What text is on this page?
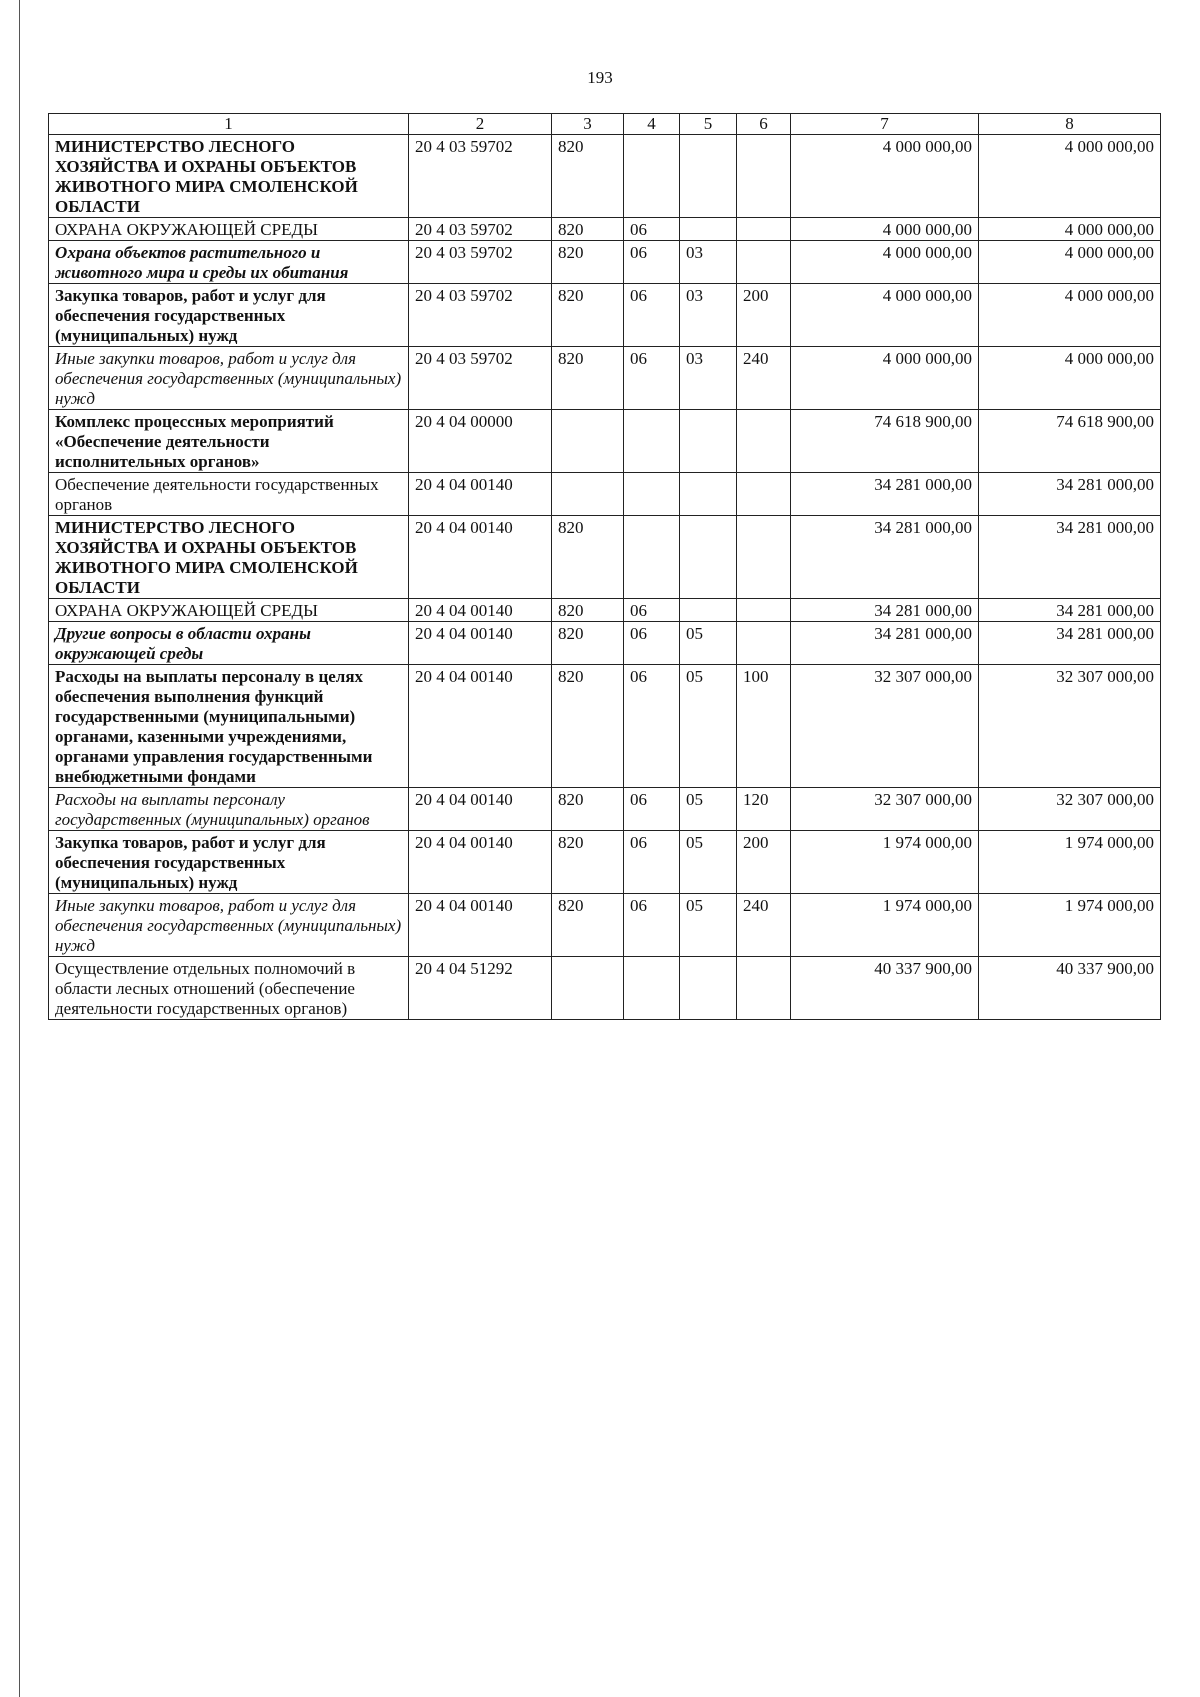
193
1	2	3	4	5	6	7	8
МИНИСТЕРСТВО ЛЕСНОГО ХОЗЯЙСТВА И ОХРАНЫ ОБЪЕКТОВ ЖИВОТНОГО МИРА СМОЛЕНСКОЙ ОБЛАСТИ	20 4 03 59702	820				4 000 000,00	4 000 000,00
ОХРАНА ОКРУЖАЮЩЕЙ СРЕДЫ	20 4 03 59702	820	06			4 000 000,00	4 000 000,00
Охрана объектов растительного и животного мира и среды их обитания	20 4 03 59702	820	06	03		4 000 000,00	4 000 000,00
Закупка товаров, работ и услуг для обеспечения государственных (муниципальных) нужд	20 4 03 59702	820	06	03	200	4 000 000,00	4 000 000,00
Иные закупки товаров, работ и услуг для обеспечения государственных (муниципальных) нужд	20 4 03 59702	820	06	03	240	4 000 000,00	4 000 000,00
Комплекс процессных мероприятий «Обеспечение деятельности исполнительных органов»	20 4 04 00000					74 618 900,00	74 618 900,00
Обеспечение деятельности государственных органов	20 4 04 00140					34 281 000,00	34 281 000,00
МИНИСТЕРСТВО ЛЕСНОГО ХОЗЯЙСТВА И ОХРАНЫ ОБЪЕКТОВ ЖИВОТНОГО МИРА СМОЛЕНСКОЙ ОБЛАСТИ	20 4 04 00140	820				34 281 000,00	34 281 000,00
ОХРАНА ОКРУЖАЮЩЕЙ СРЕДЫ	20 4 04 00140	820	06			34 281 000,00	34 281 000,00
Другие вопросы в области охраны окружающей среды	20 4 04 00140	820	06	05		34 281 000,00	34 281 000,00
Расходы на выплаты персоналу в целях обеспечения выполнения функций государственными (муниципальными) органами, казенными учреждениями, органами управления государственными внебюджетными фондами	20 4 04 00140	820	06	05	100	32 307 000,00	32 307 000,00
Расходы на выплаты персоналу государственных (муниципальных) органов	20 4 04 00140	820	06	05	120	32 307 000,00	32 307 000,00
Закупка товаров, работ и услуг для обеспечения государственных (муниципальных) нужд	20 4 04 00140	820	06	05	200	1 974 000,00	1 974 000,00
Иные закупки товаров, работ и услуг для обеспечения государственных (муниципальных) нужд	20 4 04 00140	820	06	05	240	1 974 000,00	1 974 000,00
Осуществление отдельных полномочий в области лесных отношений (обеспечение деятельности государственных органов)	20 4 04 51292					40 337 900,00	40 337 900,00
